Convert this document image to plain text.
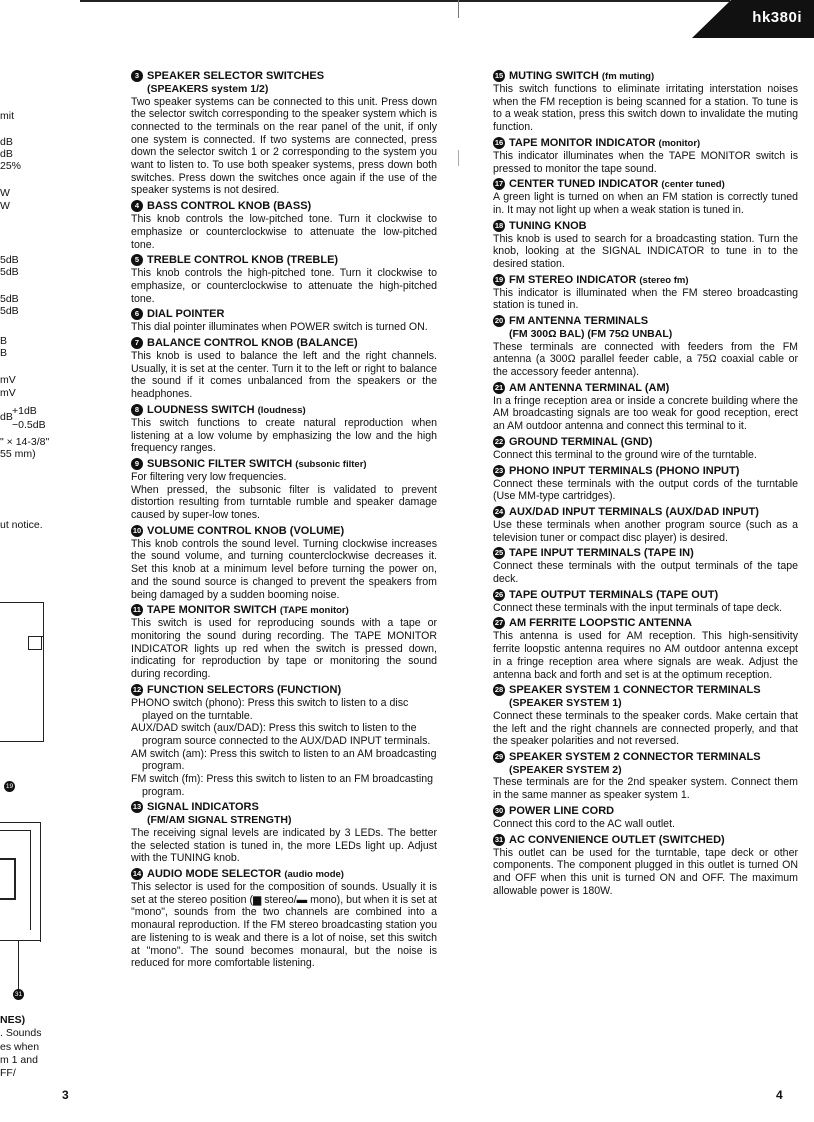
hk380i
mit
dB
dB
25%
W
W
5dB
5dB
5dB
5dB
B
B
mV
mV
dB +1dB
−0.5dB
" × 14-3/8"
55 mm)
ut notice.
19
31
NES)
. Sounds
es when
m 1 and
FF/
3 SPEAKER SELECTOR SWITCHES
(SPEAKERS system 1/2)

Two speaker systems can be connected to this unit. Press down the selector switch corresponding to the speaker system which is connected to the terminals on the rear panel of the unit, if only one system is connected. If two systems are connected, press down the selector switch 1 or 2 corresponding to the system you want to listen to. To use both speaker systems, press down both switches. Press down the switches once again if the use of the speaker systems is not desired.

4 BASS CONTROL KNOB (BASS)

This knob controls the low-pitched tone. Turn it clockwise to emphasize or counterclockwise to attenuate the low-pitched tone.

5 TREBLE CONTROL KNOB (TREBLE)

This knob controls the high-pitched tone. Turn it clockwise to emphasize, or counterclockwise to attenuate the high-pitched tone.

6 DIAL POINTER

This dial pointer illuminates when POWER switch is turned ON.

7 BALANCE CONTROL KNOB (BALANCE)

This knob is used to balance the left and the right channels. Usually, it is set at the center. Turn it to the left or right to balance the sound if it comes unbalanced from the speakers or the headphones.

8 LOUDNESS SWITCH (loudness)

This switch functions to create natural reproduction when listening at a low volume by emphasizing the low and the high frequency ranges.

9 SUBSONIC FILTER SWITCH (subsonic filter)

For filtering very low frequencies.

When pressed, the subsonic filter is validated to prevent distortion resulting from turntable rumble and speaker damage caused by super-low tones.

10 VOLUME CONTROL KNOB (VOLUME)

This knob controls the sound level. Turning clockwise increases the sound volume, and turning counterclockwise decreases it. Set this knob at a minimum level before turning the power on, and the sound source is changed to prevent the speakers from being damaged by a sudden booming noise.

11 TAPE MONITOR SWITCH (TAPE monitor)

This switch is used for reproducing sounds with a tape or monitoring the sound during recording. The TAPE MONITOR INDICATOR lights up red when the switch is pressed down, indicating for reproduction by tape or monitoring the sound during recording.

12 FUNCTION SELECTORS (FUNCTION)

PHONO switch (phono): Press this switch to listen to a disc played on the turntable.

AUX/DAD switch (aux/DAD): Press this switch to listen to the program source connected to the AUX/DAD INPUT terminals.

AM switch (am): Press this switch to listen to an AM broadcasting program.

FM switch (fm): Press this switch to listen to an FM broadcasting program.

13 SIGNAL INDICATORS
(FM/AM SIGNAL STRENGTH)

The receiving signal levels are indicated by 3 LEDs. The better the selected station is tuned in, the more LEDs light up. Adjust with the TUNING knob.

14 AUDIO MODE SELECTOR (audio mode)

This selector is used for the composition of sounds. Usually it is set at the stereo position (▆ stereo/▬ mono), but when it is set at "mono", sounds from the two channels are combined into a monaural reproduction. If the FM stereo broadcasting station you are listening to is weak and there is a lot of noise, set this switch at "mono". The sound becomes monaural, but the noise is reduced for more comfortable listening.

15 MUTING SWITCH (fm muting)

This switch functions to eliminate irritating interstation noises when the FM reception is being scanned for a station. To tune is to a weak station, press this switch down to invalidate the muting function.

16 TAPE MONITOR INDICATOR (monitor)

This indicator illuminates when the TAPE MONITOR switch is pressed to monitor the tape sound.

17 CENTER TUNED INDICATOR (center tuned)

A green light is turned on when an FM station is correctly tuned in. It may not light up when a weak station is tuned in.

18 TUNING KNOB

This knob is used to search for a broadcasting station. Turn the knob, looking at the SIGNAL INDICATOR to tune in to the desired station.

19 FM STEREO INDICATOR (stereo fm)

This indicator is illuminated when the FM stereo broadcasting station is tuned in.

20 FM ANTENNA TERMINALS
(FM 300Ω BAL) (FM 75Ω UNBAL)

These terminals are connected with feeders from the FM antenna (a 300Ω parallel feeder cable, a 75Ω coaxial cable or the accessory feeder antenna).

21 AM ANTENNA TERMINAL (AM)

In a fringe reception area or inside a concrete building where the AM broadcasting signals are too weak for good reception, erect an AM outdoor antenna and connect this terminal to it.

22 GROUND TERMINAL (GND)

Connect this terminal to the ground wire of the turntable.

23 PHONO INPUT TERMINALS (PHONO INPUT)

Connect these terminals with the output cords of the turntable (Use MM-type cartridges).

24 AUX/DAD INPUT TERMINALS (AUX/DAD INPUT)

Use these terminals when another program source (such as a television tuner or compact disc player) is desired.

25 TAPE INPUT TERMINALS (TAPE IN)

Connect these terminals with the output terminals of the tape deck.

26 TAPE OUTPUT TERMINALS (TAPE OUT)

Connect these terminals with the input terminals of tape deck.

27 AM FERRITE LOOPSTIC ANTENNA

This antenna is used for AM reception. This high-sensitivity ferrite loopstic antenna requires no AM outdoor antenna except in a fringe reception area where signals are weak. Adjust the antenna back and forth and set is at the optimum reception.

28 SPEAKER SYSTEM 1 CONNECTOR TERMINALS
(SPEAKER SYSTEM 1)

Connect these terminals to the speaker cords. Make certain that the left and the right channels are connected properly, and that the speaker polarities and not reversed.

29 SPEAKER SYSTEM 2 CONNECTOR TERMINALS
(SPEAKER SYSTEM 2)

These terminals are for the 2nd speaker system. Connect them in the same manner as speaker system 1.

30 POWER LINE CORD

Connect this cord to the AC wall outlet.

31 AC CONVENIENCE OUTLET (SWITCHED)

This outlet can be used for the turntable, tape deck or other components. The component plugged in this outlet is turned ON and OFF when this unit is turned ON and OFF. The maximum allowable power is 180W.

3	4
